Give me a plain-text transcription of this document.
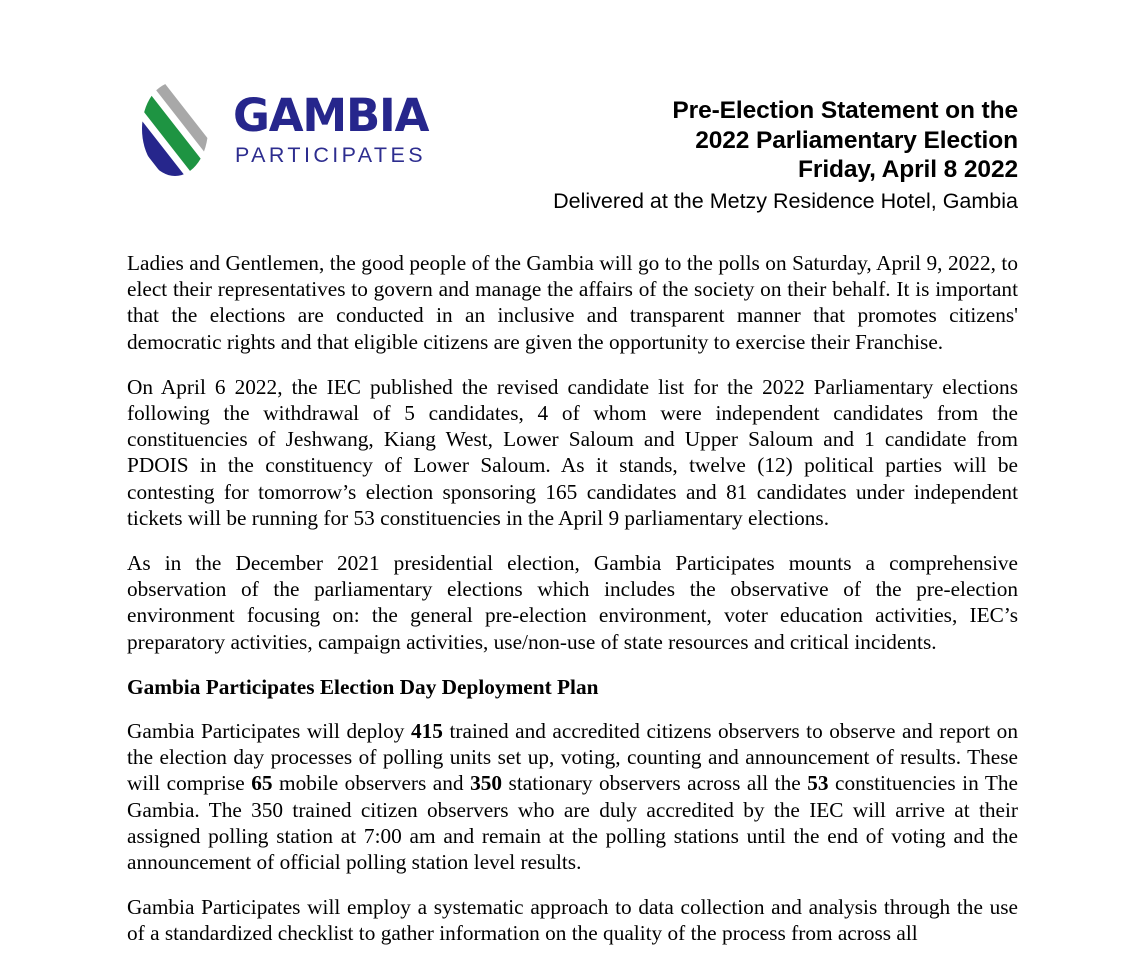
GAMBIA
PARTICIPATES
Pre-Election Statement on the
2022 Parliamentary Election
Friday, April 8 2022
Delivered at the Metzy Residence Hotel, Gambia

Ladies and Gentlemen, the good people of the Gambia will go to the polls on Saturday, April 9, 2022, to elect their representatives to govern and manage the affairs of the society on their behalf. It is important that the elections are conducted in an inclusive and transparent manner that promotes citizens' democratic rights and that eligible citizens are given the opportunity to exercise their Franchise.

On April 6 2022, the IEC published the revised candidate list for the 2022 Parliamentary elections following the withdrawal of 5 candidates, 4 of whom were independent candidates from the constituencies of Jeshwang, Kiang West, Lower Saloum and Upper Saloum and 1 candidate from PDOIS in the constituency of Lower Saloum. As it stands, twelve (12) political parties will be contesting for tomorrow’s election sponsoring 165 candidates and 81 candidates under independent tickets will be running for 53 constituencies in the April 9 parliamentary elections.

As in the December 2021 presidential election, Gambia Participates mounts a comprehensive observation of the parliamentary elections which includes the observative of the pre-election environment focusing on: the general pre-election environment, voter education activities, IEC’s preparatory activities, campaign activities, use/non-use of state resources and critical incidents.

Gambia Participates Election Day Deployment Plan

Gambia Participates will deploy 415 trained and accredited citizens observers to observe and report on the election day processes of polling units set up, voting, counting and announcement of results. These will comprise 65 mobile observers and 350 stationary observers across all the 53 constituencies in The Gambia. The 350 trained citizen observers who are duly accredited by the IEC will arrive at their assigned polling station at 7:00 am and remain at the polling stations until the end of voting and the announcement of official polling station level results.

Gambia Participates will employ a systematic approach to data collection and analysis through the use of a standardized checklist to gather information on the quality of the process from across all
